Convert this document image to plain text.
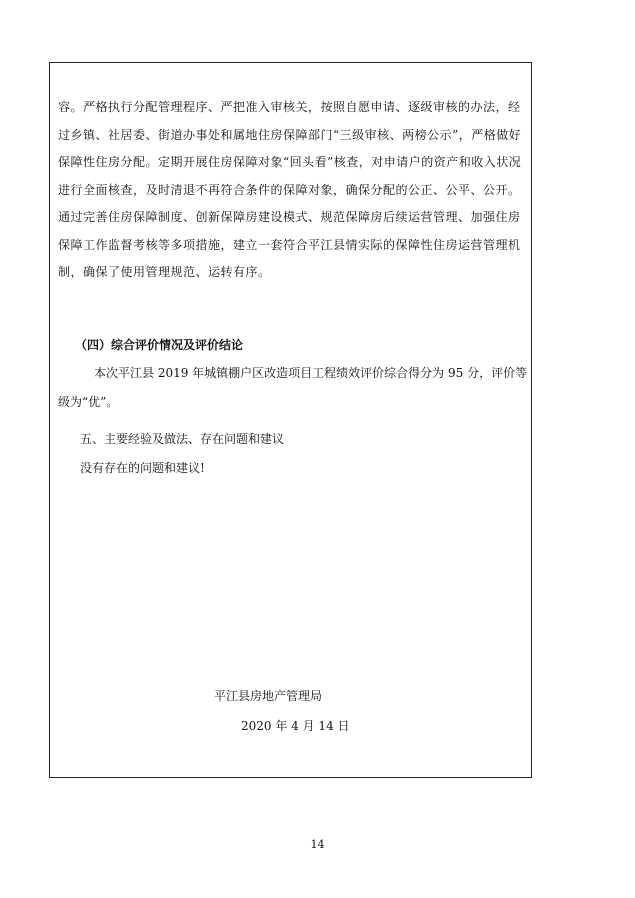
容。严格执行分配管理程序、严把准入审核关，按照自愿申请、逐级审核的办法，经过乡镇、社居委、街道办事处和属地住房保障部门“三级审核、两榜公示”，严格做好保障性住房分配。定期开展住房保障对象“回头看”核查，对申请户的资产和收入状况进行全面核查，及时清退不再符合条件的保障对象，确保分配的公正、公平、公开。通过完善住房保障制度、创新保障房建设模式、规范保障房后续运营管理、加强住房保障工作监督考核等多项措施，建立一套符合平江县情实际的保障性住房运营管理机制，确保了使用管理规范、运转有序。

（四）综合评价情况及评价结论

本次平江县 2019 年城镇棚户区改造项目工程绩效评价综合得分为 95 分，评价等

级为“优”。

五、主要经验及做法、存在问题和建议

没有存在的问题和建议!

平江县房地产管理局

2020 年 4 月 14 日

14
